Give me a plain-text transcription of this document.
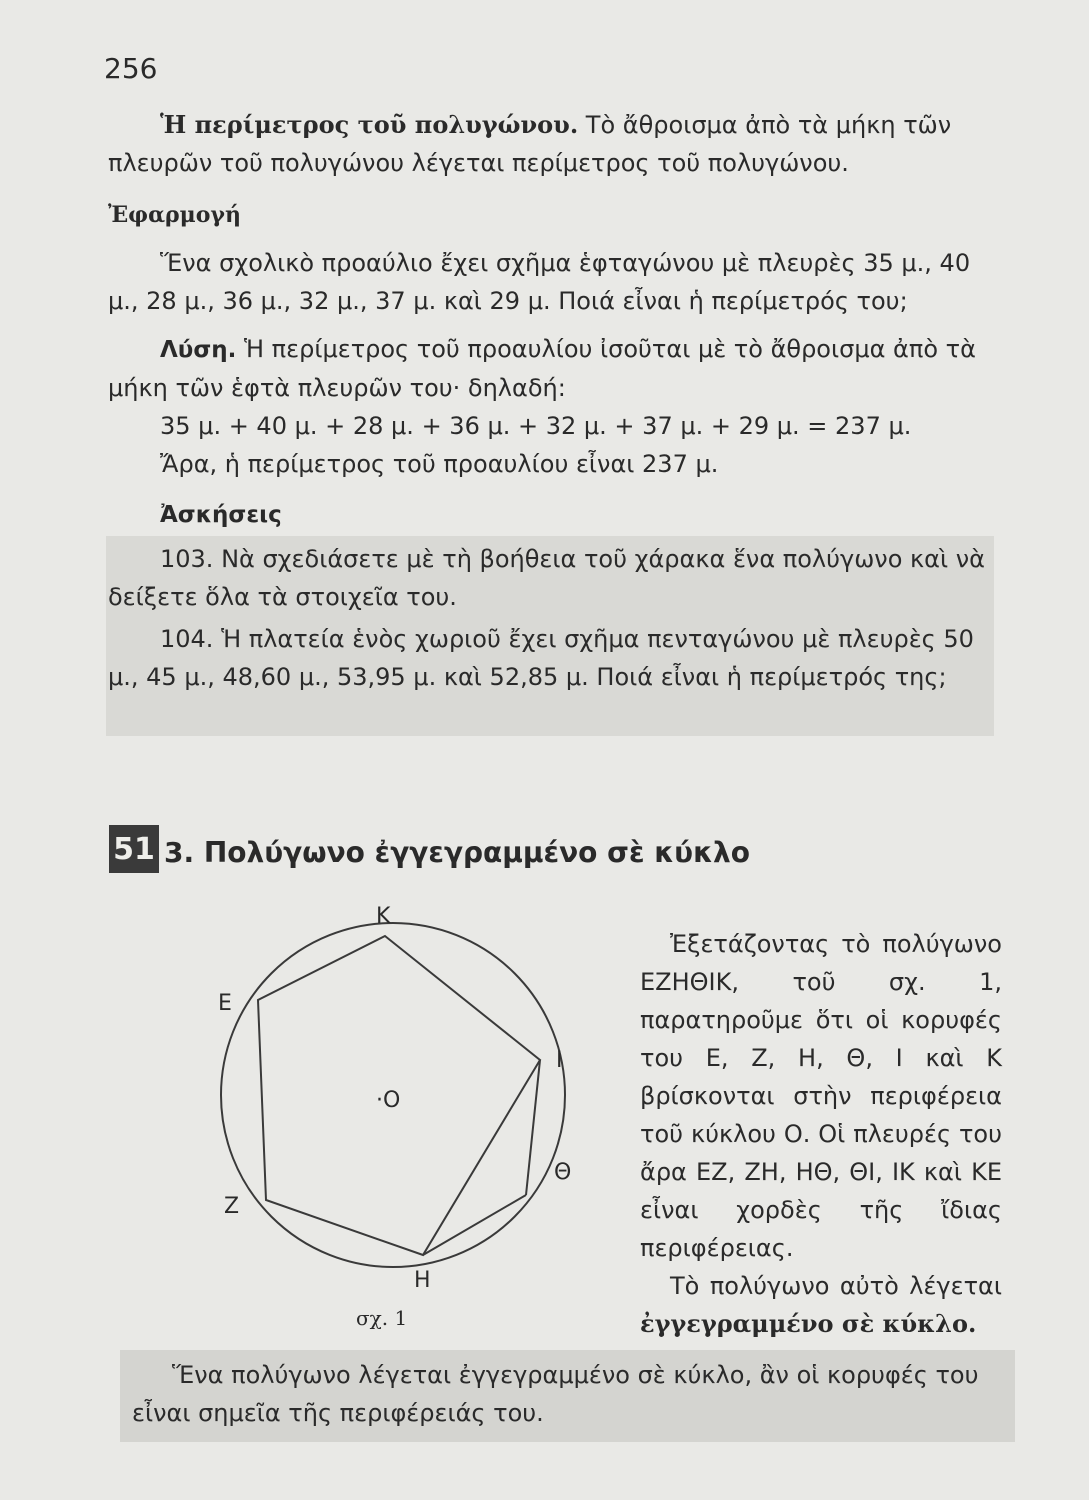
256

Ἡ περίμετρος τοῦ πολυγώνου. Τὸ ἄθροισμα ἀπὸ τὰ μήκη τῶν πλευρῶν τοῦ πολυγώνου λέγεται περίμετρος τοῦ πολυγώνου.

Ἐφαρμογή

Ἕνα σχολικὸ προαύλιο ἔχει σχῆμα ἑφταγώνου μὲ πλευρὲς 35 μ., 40 μ., 28 μ., 36 μ., 32 μ., 37 μ. καὶ 29 μ. Ποιά εἶναι ἡ περίμετρός του;

Λύση. Ἡ περίμετρος τοῦ προαυλίου ἰσοῦται μὲ τὸ ἄθροισμα ἀπὸ τὰ μήκη τῶν ἑφτὰ πλευρῶν του· δηλαδή:

35 μ. + 40 μ. + 28 μ. + 36 μ. + 32 μ. + 37 μ. + 29 μ. = 237 μ.

Ἄρα, ἡ περίμετρος τοῦ προαυλίου εἶναι 237 μ.

Ἀσκήσεις

103. Νὰ σχεδιάσετε μὲ τὴ βοήθεια τοῦ χάρακα ἕνα πολύγωνο καὶ νὰ δείξετε ὅλα τὰ στοιχεῖα του.

104. Ἡ πλατεία ἑνὸς χωριοῦ ἔχει σχῆμα πενταγώνου μὲ πλευρὲς 50 μ., 45 μ., 48,60 μ., 53,95 μ. καὶ 52,85 μ. Ποιά εἶναι ἡ περίμετρός της;

51 3. Πολύγωνο ἐγγεγραμμένο σὲ κύκλο
K
E
I
·O
Z
Θ
H
σχ. 1

Ἐξετάζοντας τὸ πολύγωνο ΕΖΗΘΙΚ, τοῦ σχ. 1, παρατηροῦμε ὅτι οἱ κορυφές του Ε, Ζ, Η, Θ, Ι καὶ Κ βρίσκονται στὴν περιφέρεια τοῦ κύκλου Ο. Οἱ πλευρές του ἄρα ΕΖ, ΖΗ, ΗΘ, ΘΙ, ΙΚ καὶ ΚΕ εἶναι χορδὲς τῆς ἴδιας περιφέρειας.

Τὸ πολύγωνο αὐτὸ λέγεται ἐγγεγραμμένο σὲ κύκλο.

Ἕνα πολύγωνο λέγεται ἐγγεγραμμένο σὲ κύκλο, ἂν οἱ κορυφές του εἶναι σημεῖα τῆς περιφέρειάς του.
